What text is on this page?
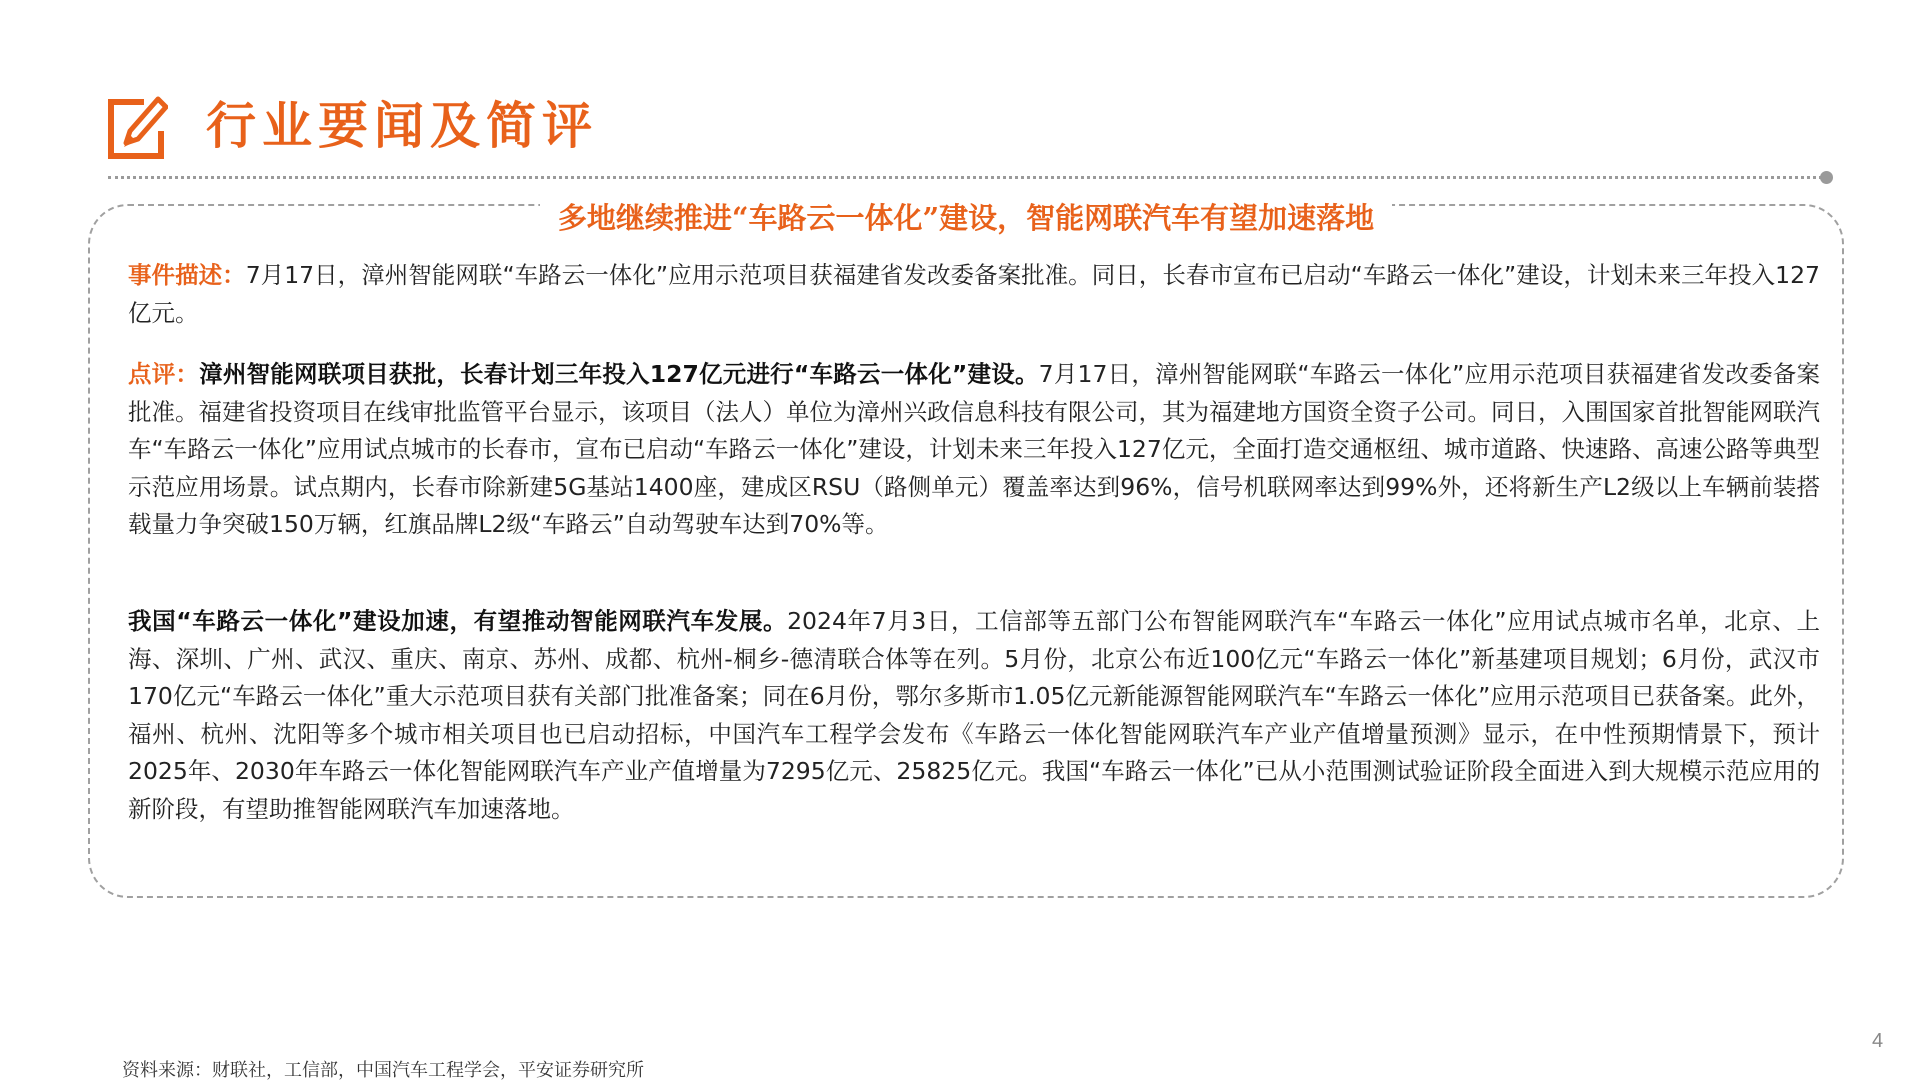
行业要闻及简评
多地继续推进“车路云一体化”建设，智能网联汽车有望加速落地

事件描述：7月17日，漳州智能网联“车路云一体化”应用示范项目获福建省发改委备案批准。同日，长春市宣布已启动“车路云一体化”建设，计划未来三年投入127亿元。

点评：漳州智能网联项目获批，长春计划三年投入127亿元进行“车路云一体化”建设。7月17日，漳州智能网联“车路云一体化”应用示范项目获福建省发改委备案批准。福建省投资项目在线审批监管平台显示，该项目（法人）单位为漳州兴政信息科技有限公司，其为福建地方国资全资子公司。同日，入围国家首批智能网联汽车“车路云一体化”应用试点城市的长春市，宣布已启动“车路云一体化”建设，计划未来三年投入127亿元，全面打造交通枢纽、城市道路、快速路、高速公路等典型示范应用场景。试点期内，长春市除新建5G基站1400座，建成区RSU（路侧单元）覆盖率达到96%，信号机联网率达到99%外，还将新生产L2级以上车辆前装搭载量力争突破150万辆，红旗品牌L2级“车路云”自动驾驶车达到70%等。

我国“车路云一体化”建设加速，有望推动智能网联汽车发展。2024年7月3日，工信部等五部门公布智能网联汽车“车路云一体化”应用试点城市名单，北京、上海、深圳、广州、武汉、重庆、南京、苏州、成都、杭州-桐乡-德清联合体等在列。5月份，北京公布近100亿元“车路云一体化”新基建项目规划；6月份，武汉市170亿元“车路云一体化”重大示范项目获有关部门批准备案；同在6月份，鄂尔多斯市1.05亿元新能源智能网联汽车“车路云一体化”应用示范项目已获备案。此外，福州、杭州、沈阳等多个城市相关项目也已启动招标，中国汽车工程学会发布《车路云一体化智能网联汽车产业产值增量预测》显示，在中性预期情景下，预计2025年、2030年车路云一体化智能网联汽车产业产值增量为7295亿元、25825亿元。我国“车路云一体化”已从小范围测试验证阶段全面进入到大规模示范应用的新阶段，有望助推智能网联汽车加速落地。

资料来源：财联社，工信部，中国汽车工程学会，平安证券研究所
4
